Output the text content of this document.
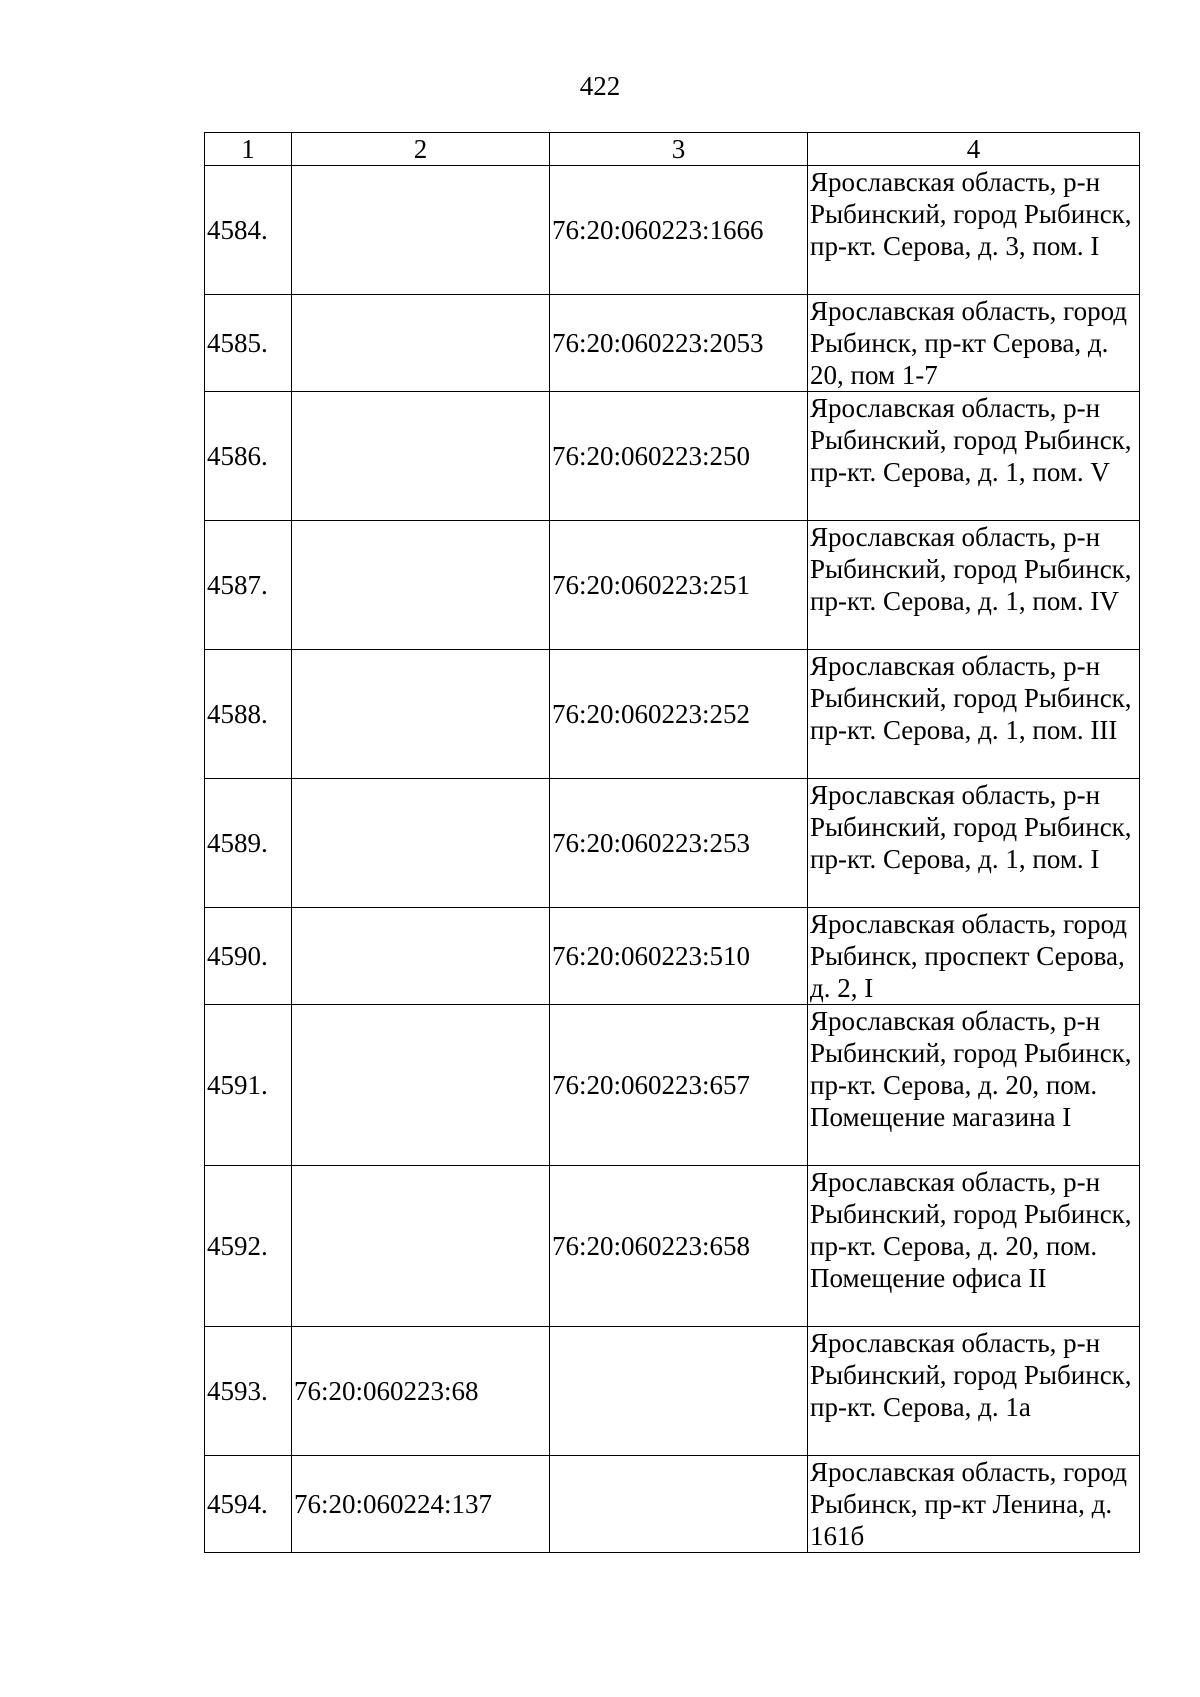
422
1	2	3	4
4584.		76:20:060223:1666	Ярославская область, р-н Рыбинский, город Рыбинск, пр-кт. Серова, д. 3, пом. I
4585.		76:20:060223:2053	Ярославская область, город Рыбинск, пр-кт Серова, д. 20, пом 1-7
4586.		76:20:060223:250	Ярославская область, р-н Рыбинский, город Рыбинск, пр-кт. Серова, д. 1, пом. V
4587.		76:20:060223:251	Ярославская область, р-н Рыбинский, город Рыбинск, пр-кт. Серова, д. 1, пом. IV
4588.		76:20:060223:252	Ярославская область, р-н Рыбинский, город Рыбинск, пр-кт. Серова, д. 1, пом. III
4589.		76:20:060223:253	Ярославская область, р-н Рыбинский, город Рыбинск, пр-кт. Серова, д. 1, пом. I
4590.		76:20:060223:510	Ярославская область, город Рыбинск, проспект Серова, д. 2, I
4591.		76:20:060223:657	Ярославская область, р-н Рыбинский, город Рыбинск, пр-кт. Серова, д. 20, пом. Помещение магазина I
4592.		76:20:060223:658	Ярославская область, р-н Рыбинский, город Рыбинск, пр-кт. Серова, д. 20, пом. Помещение офиса II
4593.	76:20:060223:68		Ярославская область, р-н Рыбинский, город Рыбинск, пр-кт. Серова, д. 1а
4594.	76:20:060224:137		Ярославская область, город Рыбинск, пр-кт Ленина, д. 161б
